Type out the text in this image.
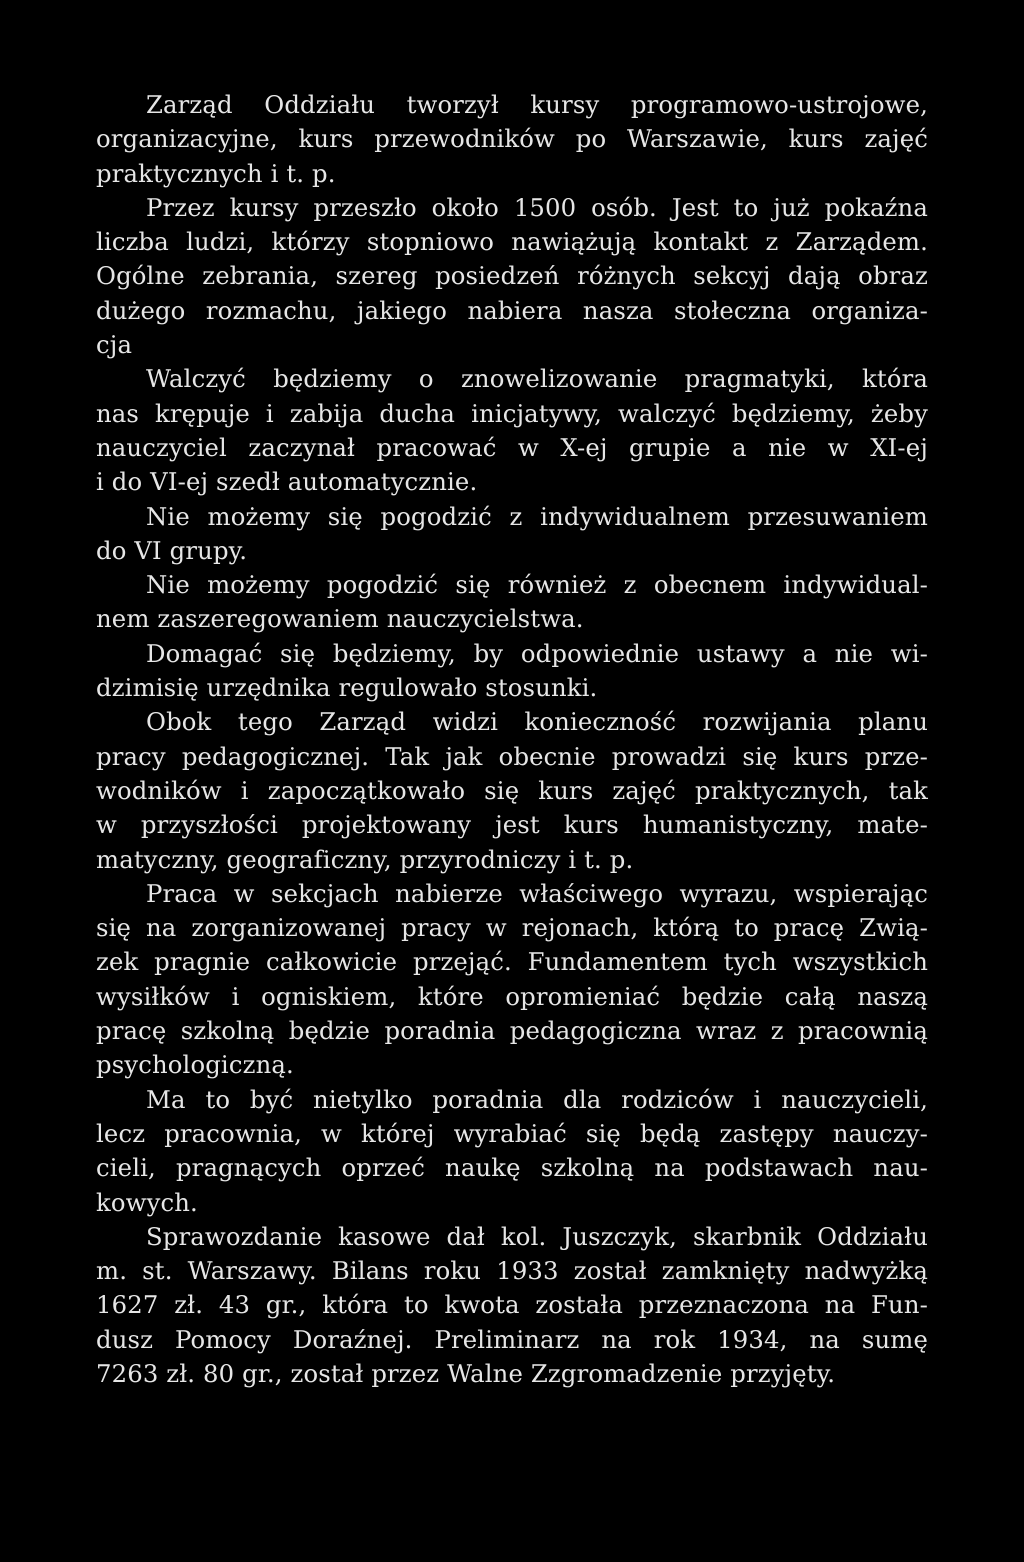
Zarząd Oddziału tworzył kursy programowo-ustrojowe,
organizacyjne, kurs przewodników po Warszawie, kurs zajęć
praktycznych i t. p.
Przez kursy przeszło około 1500 osób. Jest to już pokaźna
liczba ludzi, którzy stopniowo nawiążują kontakt z Zarządem.
Ogólne zebrania, szereg posiedzeń różnych sekcyj dają obraz
dużego rozmachu, jakiego nabiera nasza stołeczna organiza-
cja
Walczyć będziemy o znowelizowanie pragmatyki, która
nas krępuje i zabija ducha inicjatywy, walczyć będziemy, żeby
nauczyciel zaczynał pracować w X-ej grupie a nie w XI-ej
i do VI-ej szedł automatycznie.
Nie możemy się pogodzić z indywidualnem przesuwaniem
do VI grupy.
Nie możemy pogodzić się również z obecnem indywidual-
nem zaszeregowaniem nauczycielstwa.
Domagać się będziemy, by odpowiednie ustawy a nie wi-
dzimisię urzędnika regulowało stosunki.
Obok tego Zarząd widzi konieczność rozwijania planu
pracy pedagogicznej. Tak jak obecnie prowadzi się kurs prze-
wodników i zapoczątkowało się kurs zajęć praktycznych, tak
w przyszłości projektowany jest kurs humanistyczny, mate-
matyczny, geograficzny, przyrodniczy i t. p.
Praca w sekcjach nabierze właściwego wyrazu, wspierając
się na zorganizowanej pracy w rejonach, którą to pracę Zwią-
zek pragnie całkowicie przejąć. Fundamentem tych wszystkich
wysiłków i ogniskiem, które opromieniać będzie całą naszą
pracę szkolną będzie poradnia pedagogiczna wraz z pracownią
psychologiczną.
Ma to być nietylko poradnia dla rodziców i nauczycieli,
lecz pracownia, w której wyrabiać się będą zastępy nauczy-
cieli, pragnących oprzeć naukę szkolną na podstawach nau-
kowych.
Sprawozdanie kasowe dał kol. Juszczyk, skarbnik Oddziału
m. st. Warszawy. Bilans roku 1933 został zamknięty nadwyżką
1627 zł. 43 gr., która to kwota została przeznaczona na Fun-
dusz Pomocy Doraźnej. Preliminarz na rok 1934, na sumę
7263 zł. 80 gr., został przez Walne Zzgromadzenie przyjęty.
